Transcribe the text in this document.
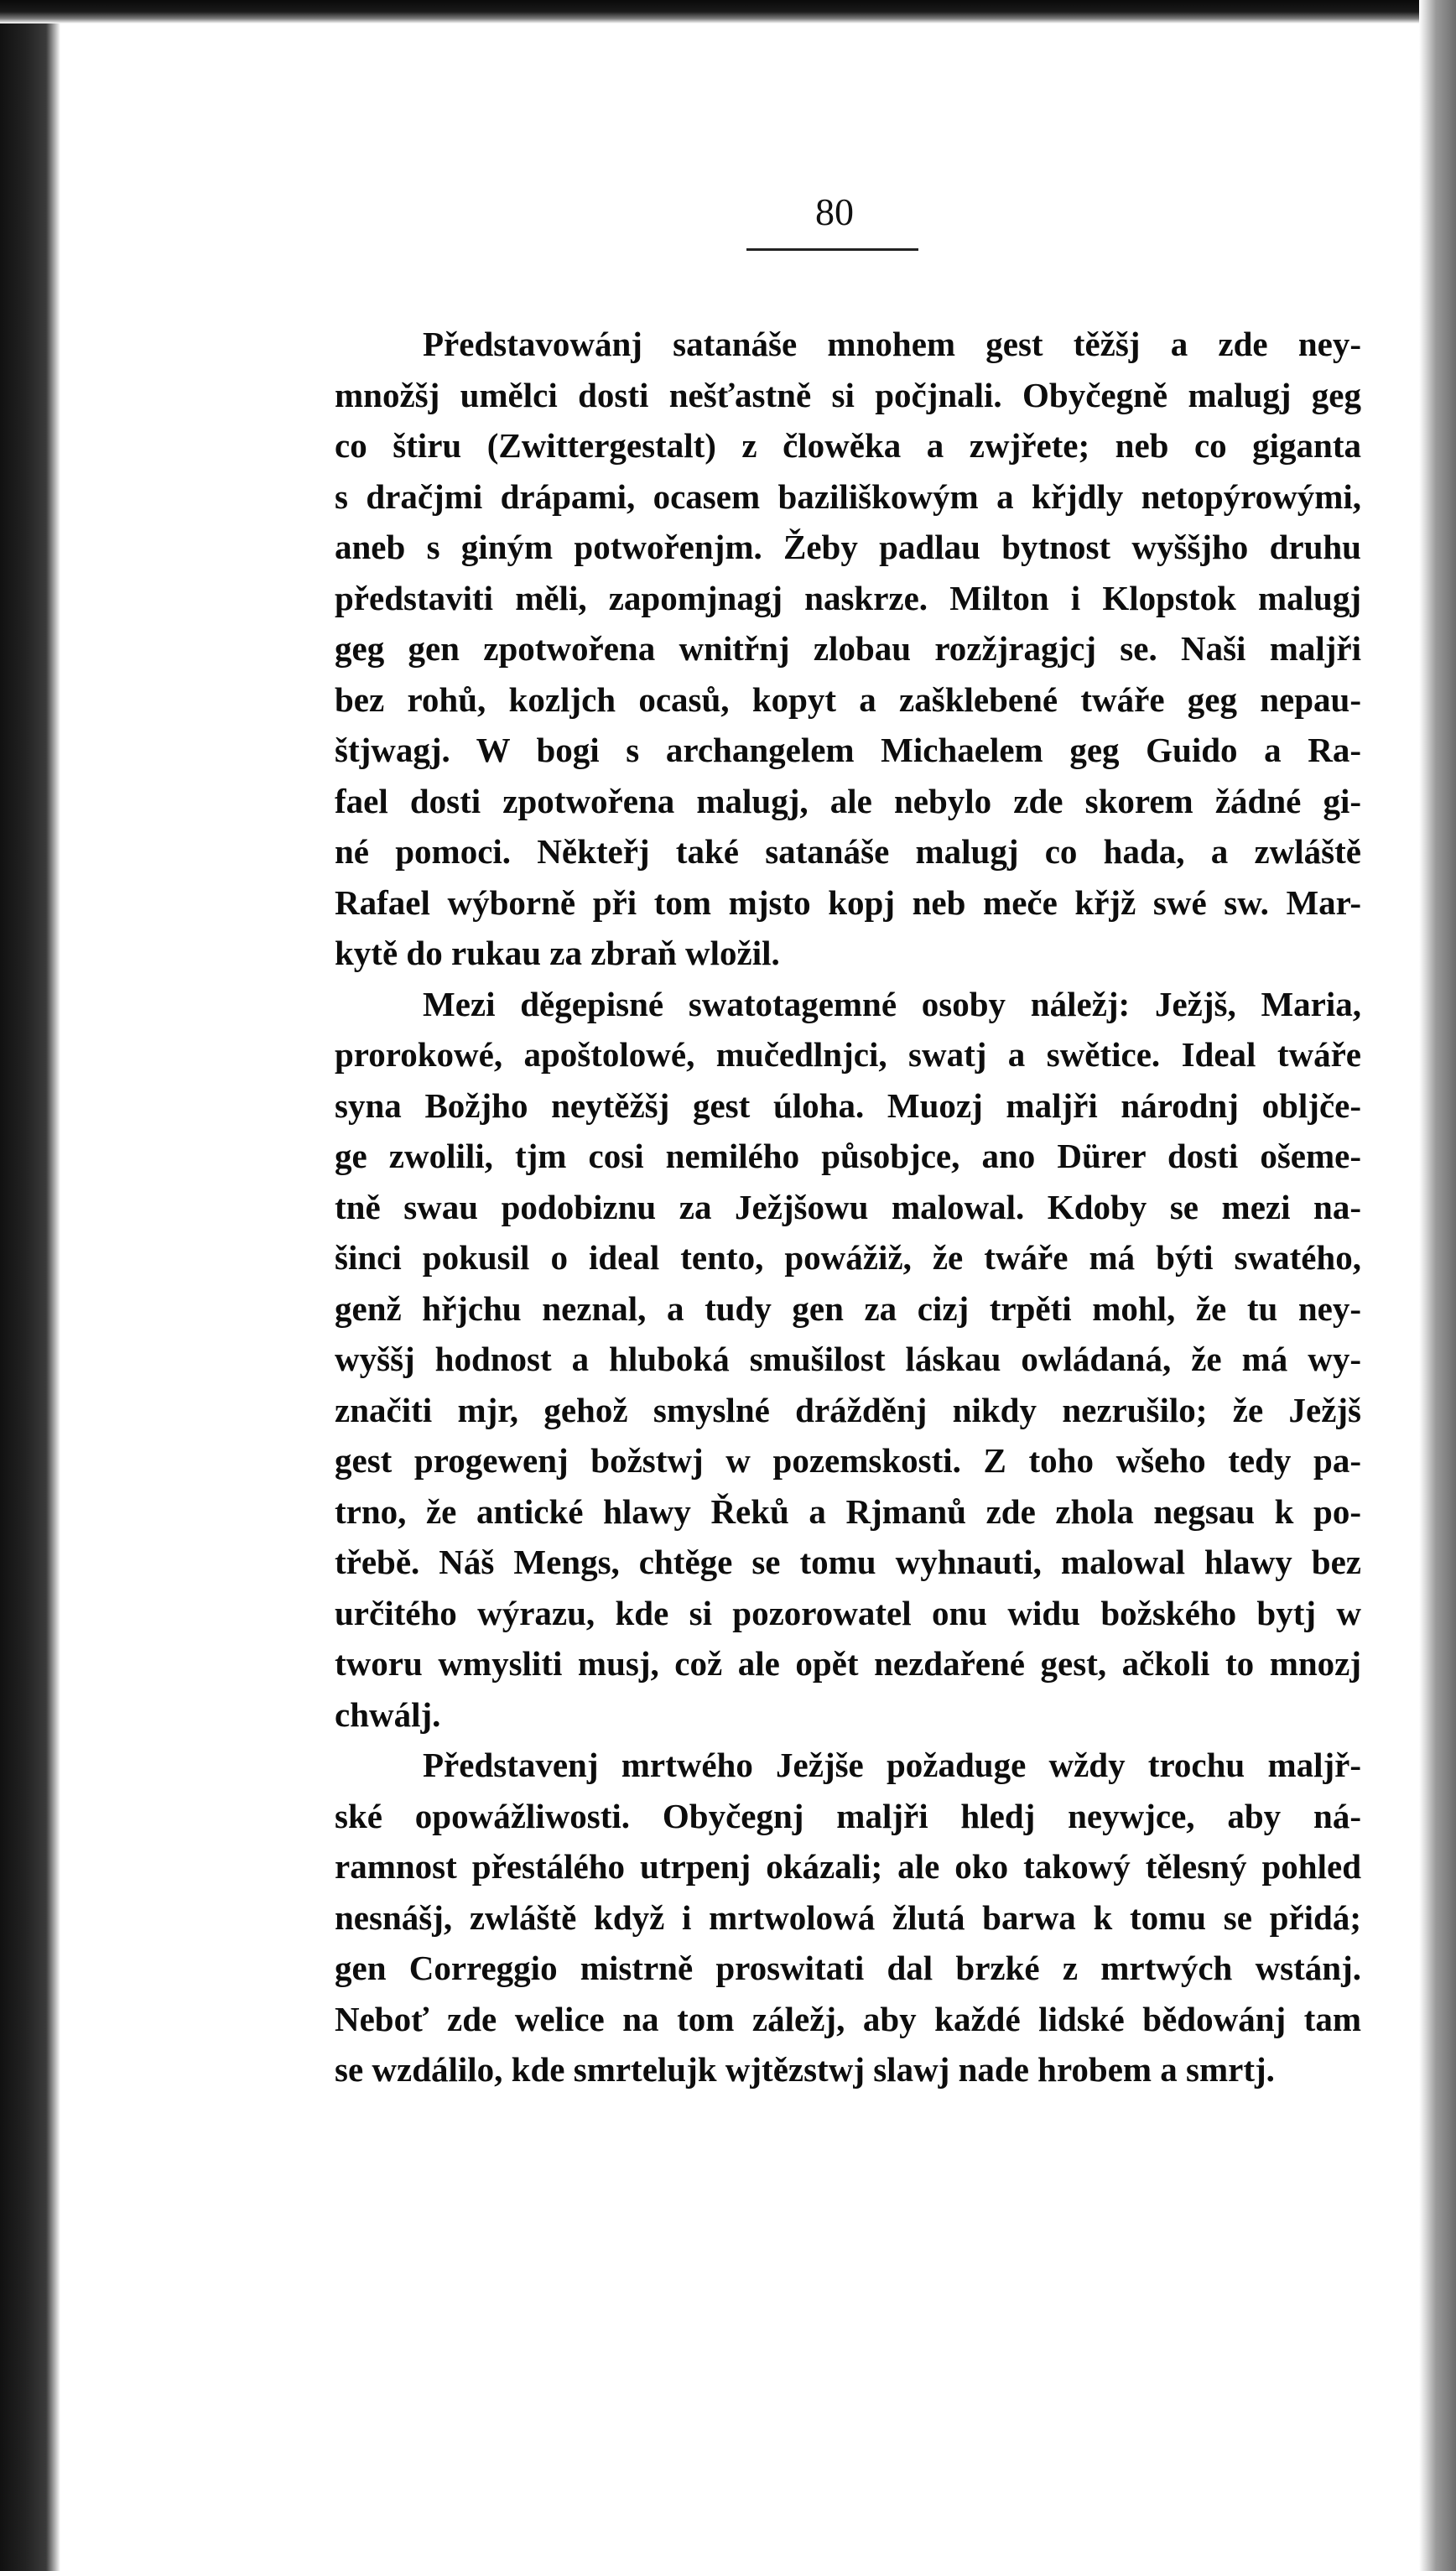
80
Představowánj satanáše mnohem gest těžšj a zde ney-
množšj umělci dosti nešťastně si počjnali. Obyčegně malugj geg
co štiru (Zwittergestalt) z člowěka a zwjřete; neb co giganta
s dračjmi drápami, ocasem baziliškowým a křjdly netopýrowými,
aneb s giným potwořenjm. Žeby padlau bytnost wyššjho druhu
představiti měli, zapomjnagj naskrze. Milton i Klopstok malugj
geg gen zpotwořena wnitřnj zlobau rozžjragjcj se. Naši maljři
bez rohů, kozljch ocasů, kopyt a zašklebené twáře geg nepau-
štjwagj. W bogi s archangelem Michaelem geg Guido a Ra-
fael dosti zpotwořena malugj, ale nebylo zde skorem žádné gi-
né pomoci. Někteřj také satanáše malugj co hada, a zwláště
Rafael wýborně při tom mjsto kopj neb meče křjž swé sw. Mar-
kytě do rukau za zbraň wložil.
Mezi děgepisné swatotagemné osoby náležj: Ježjš, Maria,
prorokowé, apoštolowé, mučedlnjci, swatj a swětice. Ideal twáře
syna Božjho neytěžšj gest úloha. Muozj maljři národnj obljče-
ge zwolili, tjm cosi nemilého působjce, ano Dürer dosti ošeme-
tně swau podobiznu za Ježjšowu malowal. Kdoby se mezi na-
šinci pokusil o ideal tento, powážiž, že twáře má býti swatého,
genž hřjchu neznal, a tudy gen za cizj trpěti mohl, že tu ney-
wyššj hodnost a hluboká smušilost láskau owládaná, že má wy-
značiti mjr, gehož smyslné drážděnj nikdy nezrušilo; že Ježjš
gest progewenj božstwj w pozemskosti. Z toho wšeho tedy pa-
trno, že antické hlawy Řeků a Rjmanů zde zhola negsau k po-
třebě. Náš Mengs, chtěge se tomu wyhnauti, malowal hlawy bez
určitého wýrazu, kde si pozorowatel onu widu božského bytj w
tworu wmysliti musj, což ale opět nezdařené gest, ačkoli to mnozj
chwálj.
Představenj mrtwého Ježjše požaduge wždy trochu maljř-
ské opowážliwosti. Obyčegnj maljři hledj neywjce, aby ná-
ramnost přestálého utrpenj okázali; ale oko takowý tělesný pohled
nesnášj, zwláště když i mrtwolowá žlutá barwa k tomu se přidá;
gen Correggio mistrně proswitati dal brzké z mrtwých wstánj.
Neboť zde welice na tom záležj, aby každé lidské bědowánj tam
se wzdálilo, kde smrtelujk wjtězstwj slawj nade hrobem a smrtj.
